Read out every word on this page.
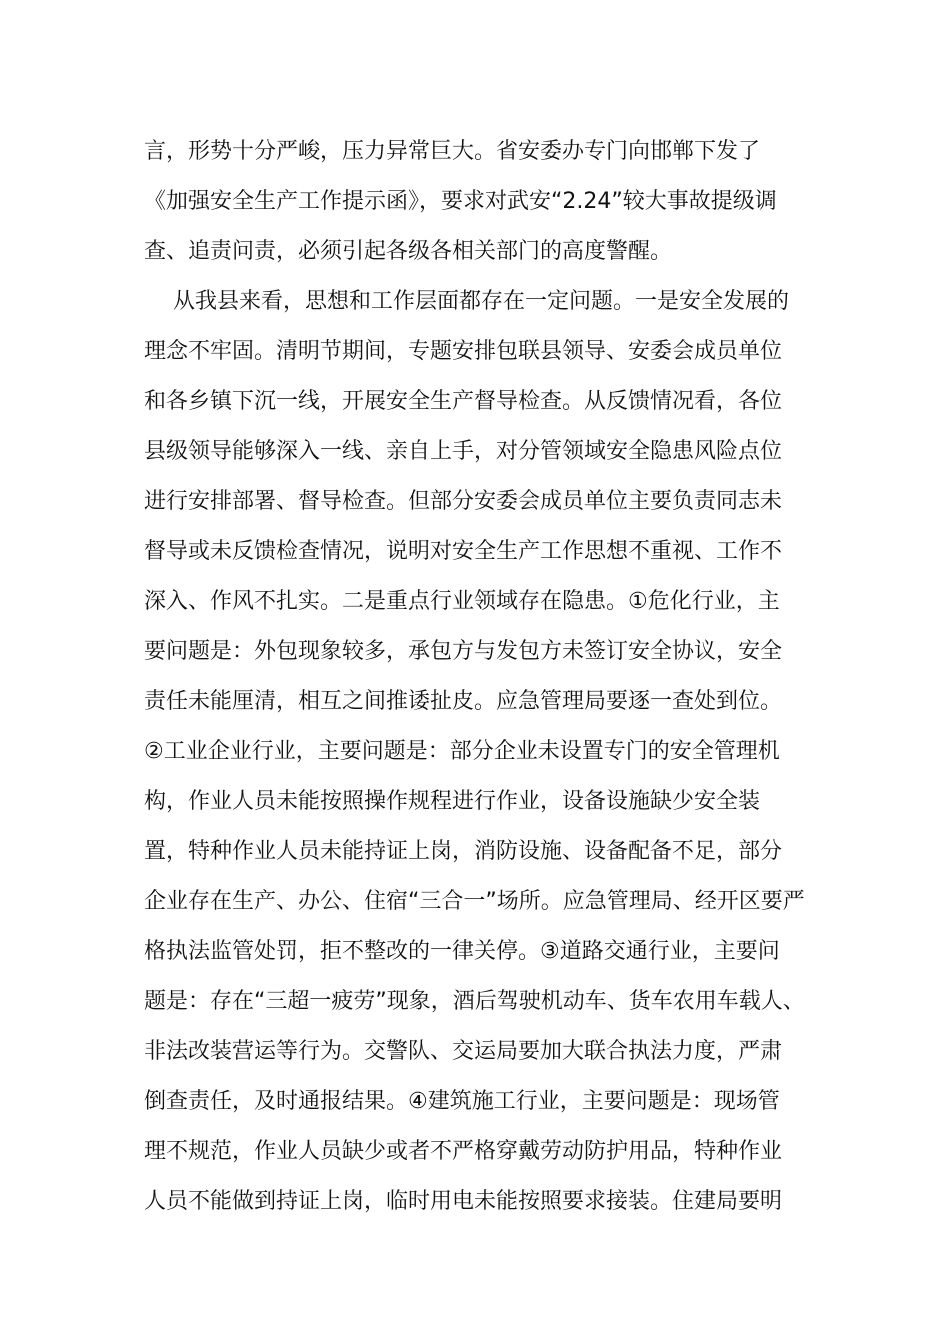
言，形势十分严峻，压力异常巨大。省安委办专门向邯郸下发了
《加强安全生产工作提示函》，要求对武安“2.24”较大事故提级调
查、追责问责，必须引起各级各相关部门的高度警醒。
从我县来看，思想和工作层面都存在一定问题。一是安全发展的
理念不牢固。清明节期间，专题安排包联县领导、安委会成员单位
和各乡镇下沉一线，开展安全生产督导检查。从反馈情况看，各位
县级领导能够深入一线、亲自上手，对分管领域安全隐患风险点位
进行安排部署、督导检查。但部分安委会成员单位主要负责同志未
督导或未反馈检查情况，说明对安全生产工作思想不重视、工作不
深入、作风不扎实。二是重点行业领域存在隐患。①危化行业，主
要问题是：外包现象较多，承包方与发包方未签订安全协议，安全
责任未能厘清，相互之间推诿扯皮。应急管理局要逐一查处到位。
②工业企业行业，主要问题是：部分企业未设置专门的安全管理机
构，作业人员未能按照操作规程进行作业，设备设施缺少安全装
置，特种作业人员未能持证上岗，消防设施、设备配备不足，部分
企业存在生产、办公、住宿“三合一”场所。应急管理局、经开区要严
格执法监管处罚，拒不整改的一律关停。③道路交通行业，主要问
题是：存在“三超一疲劳”现象，酒后驾驶机动车、货车农用车载人、
非法改装营运等行为。交警队、交运局要加大联合执法力度，严肃
倒查责任，及时通报结果。④建筑施工行业，主要问题是：现场管
理不规范，作业人员缺少或者不严格穿戴劳动防护用品，特种作业
人员不能做到持证上岗，临时用电未能按照要求接装。住建局要明
